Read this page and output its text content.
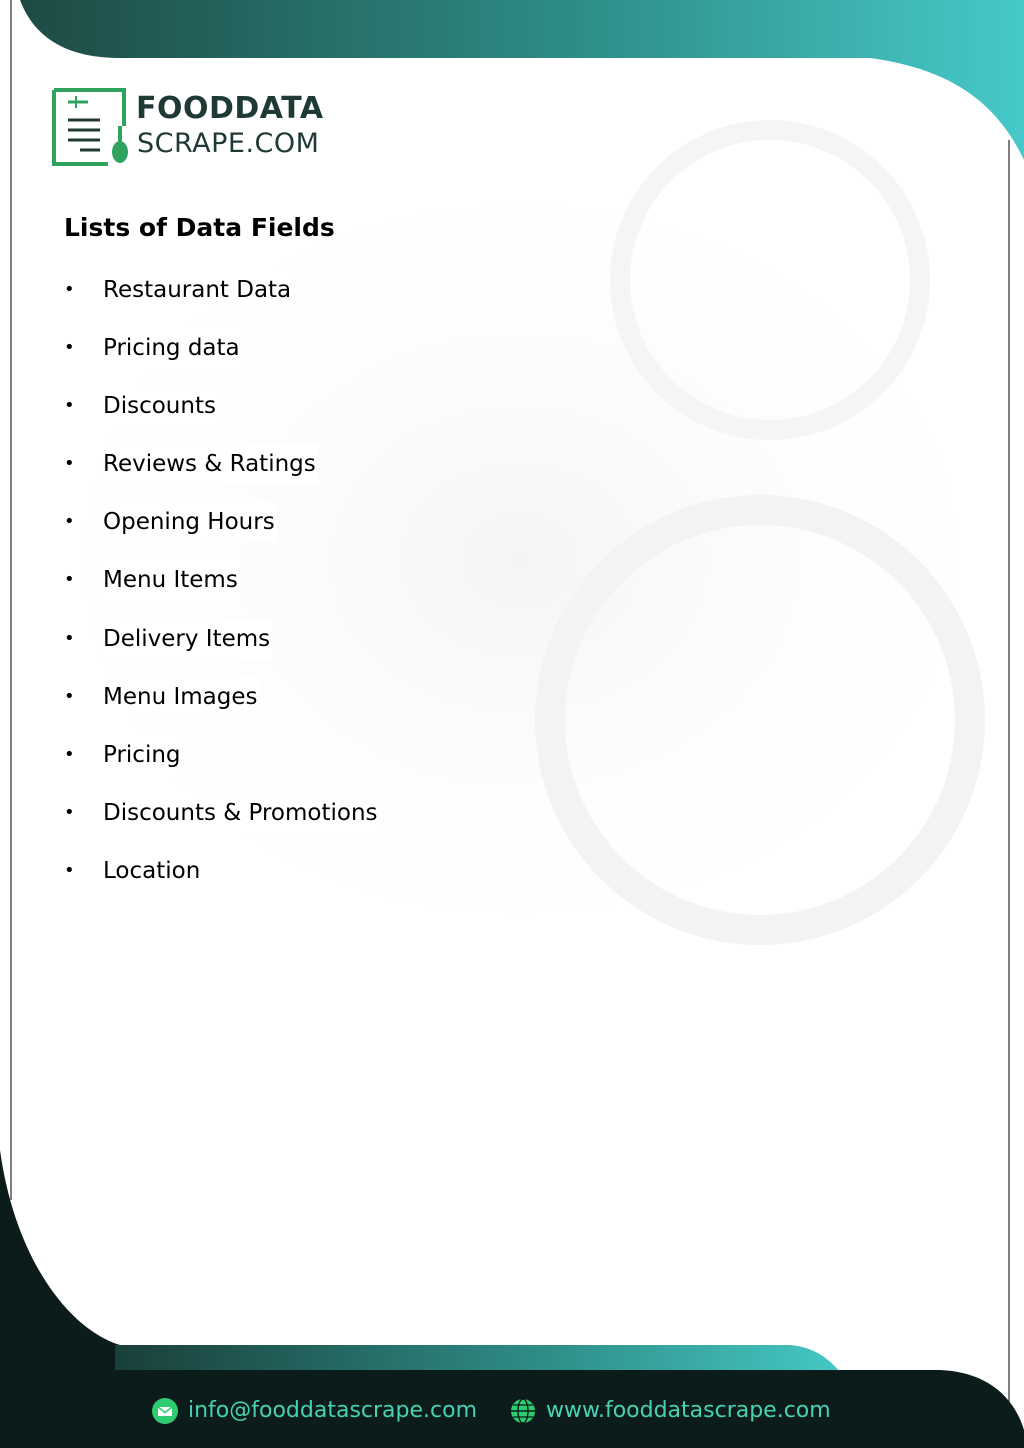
FOODDATA
SCRAPE.COM
Lists of Data Fields
•	Restaurant Data
•	Pricing data
•	Discounts
•	Reviews & Ratings
•	Opening Hours
•	Menu Items
•	Delivery Items
•	Menu Images
•	Pricing
•	Discounts & Promotions
•	Location
info@fooddatascrape.com	www.fooddatascrape.com
